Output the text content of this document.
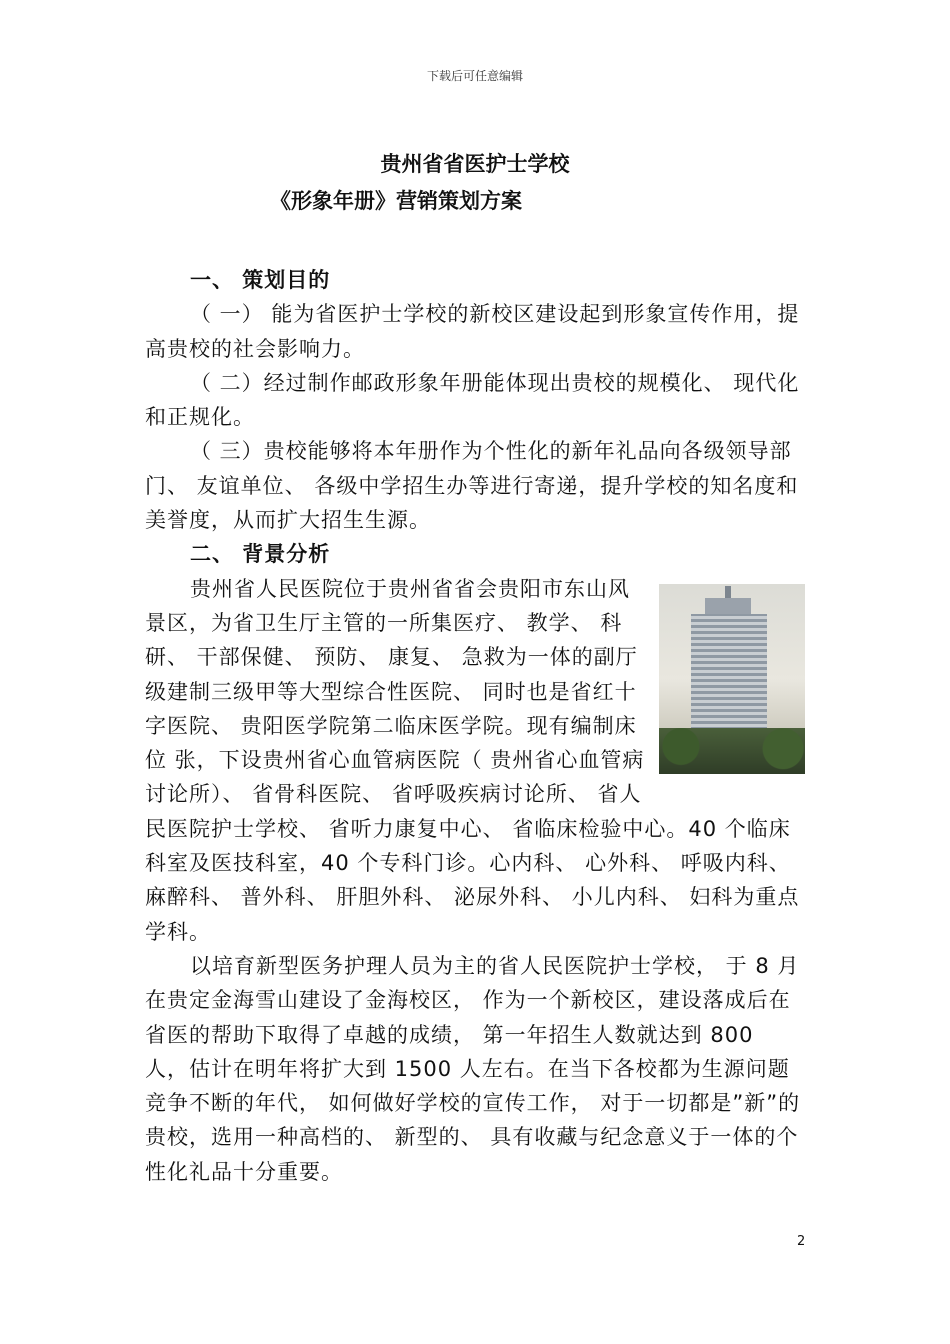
下载后可任意编辑
贵州省省医护士学校
《形象年册》营销策划方案

一、 策划目的

（ 一） 能为省医护士学校的新校区建设起到形象宣传作用，提高贵校的社会影响力。

（ 二）经过制作邮政形象年册能体现出贵校的规模化、 现代化和正规化。

（ 三）贵校能够将本年册作为个性化的新年礼品向各级领导部门、 友谊单位、 各级中学招生办等进行寄递，提升学校的知名度和美誉度，从而扩大招生生源。

二、 背景分析

贵州省人民医院位于贵州省省会贵阳市东山风景区，为省卫生厅主管的一所集医疗、 教学、 科研、 干部保健、 预防、 康复、 急救为一体的副厅级建制三级甲等大型综合性医院、 同时也是省红十字医院、 贵阳医学院第二临床医学院。现有编制床位 张，下设贵州省心血管病医院（ 贵州省心血管病讨论所）、 省骨科医院、 省呼吸疾病讨论所、 省人民医院护士学校、 省听力康复中心、 省临床检验中心。40 个临床科室及医技科室，40 个专科门诊。心内科、 心外科、 呼吸内科、 麻醉科、 普外科、 肝胆外科、 泌尿外科、 小儿内科、 妇科为重点学科。

以培育新型医务护理人员为主的省人民医院护士学校， 于 8 月在贵定金海雪山建设了金海校区， 作为一个新校区，建设落成后在省医的帮助下取得了卓越的成绩， 第一年招生人数就达到 800 人，估计在明年将扩大到 1500 人左右。在当下各校都为生源问题竞争不断的年代， 如何做好学校的宣传工作， 对于一切都是”新”的贵校，选用一种高档的、 新型的、 具有收藏与纪念意义于一体的个性化礼品十分重要。

2
